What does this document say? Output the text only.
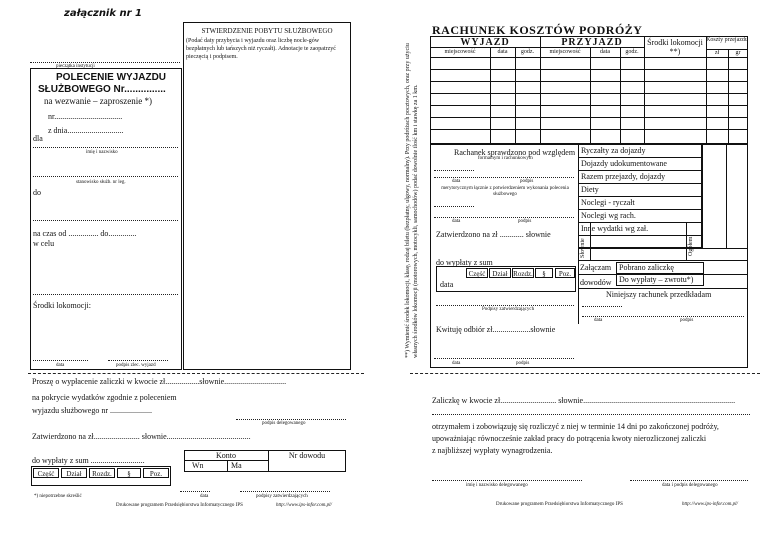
załącznik nr 1
pieczątka instytucji
STWIERDZENIE POBYTU SŁUŻBOWEGO
(Podać daty przybycia i wyjazdu oraz liczbę nocle-gów bezpłatnych lub tańszych niż ryczałt). Adnotacje te zaopatrzyć pieczęcią i podpisem.
POLECENIE WYJAZDU
SŁUŻBOWEGO Nr...............
na wezwanie – zaproszenie *)
nr..................................
z dnia............................
dla
imię i nazwisko
stanowisko służb. nr leg.
do
na czas od ............... do..............
w celu
Środki lokomocji:
data	podpis zlec. wyjazd
Proszę o wypłacenie zaliczki w kwocie zł.................słownie...............................
na pokrycie wydatków zgodnie z poleceniem
wyjazdu służbowego nr .....................
podpis delegowanego
Zatwierdzono na zł....................... słownie..........................................
do wypłaty z sum ...........................
Konto	Nr dowodu
Wn	Ma
Część	Dział	Rozdz.	§	Poz.
*) niepotrzebne skreślić	data	podpisy zatwierdzających
Drukowane programem Przedsiębiorstwa Informatycznego IPS	http://www.ips-infor.com.pl/
**) Wymienić środek lokomocji, klasę, rodzaj biletu (bezpłatny, ulgowy, normalny). Przy podróżach pocztowych, oraz przy użyciu własnych środków lokomocji (motorowych, motocykli, samochodów) podać dowolnie ilość km i stawkę za 1 km.
RACHUNEK KOSZTÓW PODRÓŻY
WYJAZD	PRZYJAZD	Środki lokomocji **)
Koszty przejazdu
miejscowość	data	godz.	miejscowość	data	godz.	zł	gr
Rachanek sprawdzono pod względem
formalnym i rachunkowym
data	podpis
merytorycznym łącznie z potwierdzeniem wykonania polecenia służbowego
data	podpis
Zatwierdzono na zł ............ słownie
do wypłaty z sum
Część	Dział Rozdz.	§	Poz.
data
Podpisy zatwierdzających
Kwituję odbiór zł...................słownie
Ryczałty za dojazdy
Dojazdy udokumentowane
Razem przejazdy, dojazdy
Diety
Noclegi - ryczałt
Noclegi wg rach.
Inne wydatki wg zał.
Słownie	Ogółem
Załączam Pobrano zaliczkę
dowodów Do wypłaty – zwrotu*)
Niniejszy rachunek przedkładam
data	podpis
data	podpis
Zaliczkę w kwocie zł............................ słownie............................................................................
otrzymałem i zobowiązuję się rozliczyć z niej w terminie 14 dni po zakończonej podróży,
upoważniając równocześnie zakład pracy do potrącenia kwoty nierozliczonej zaliczki
z najbliższej wypłaty wynagrodzenia.
imię i nazwisko delegowanego	data i podpis delegowanego
Drukowane programem Przedsiębiorstwa Informatycznego IPS	http://www.ips-infor.com.pl/
